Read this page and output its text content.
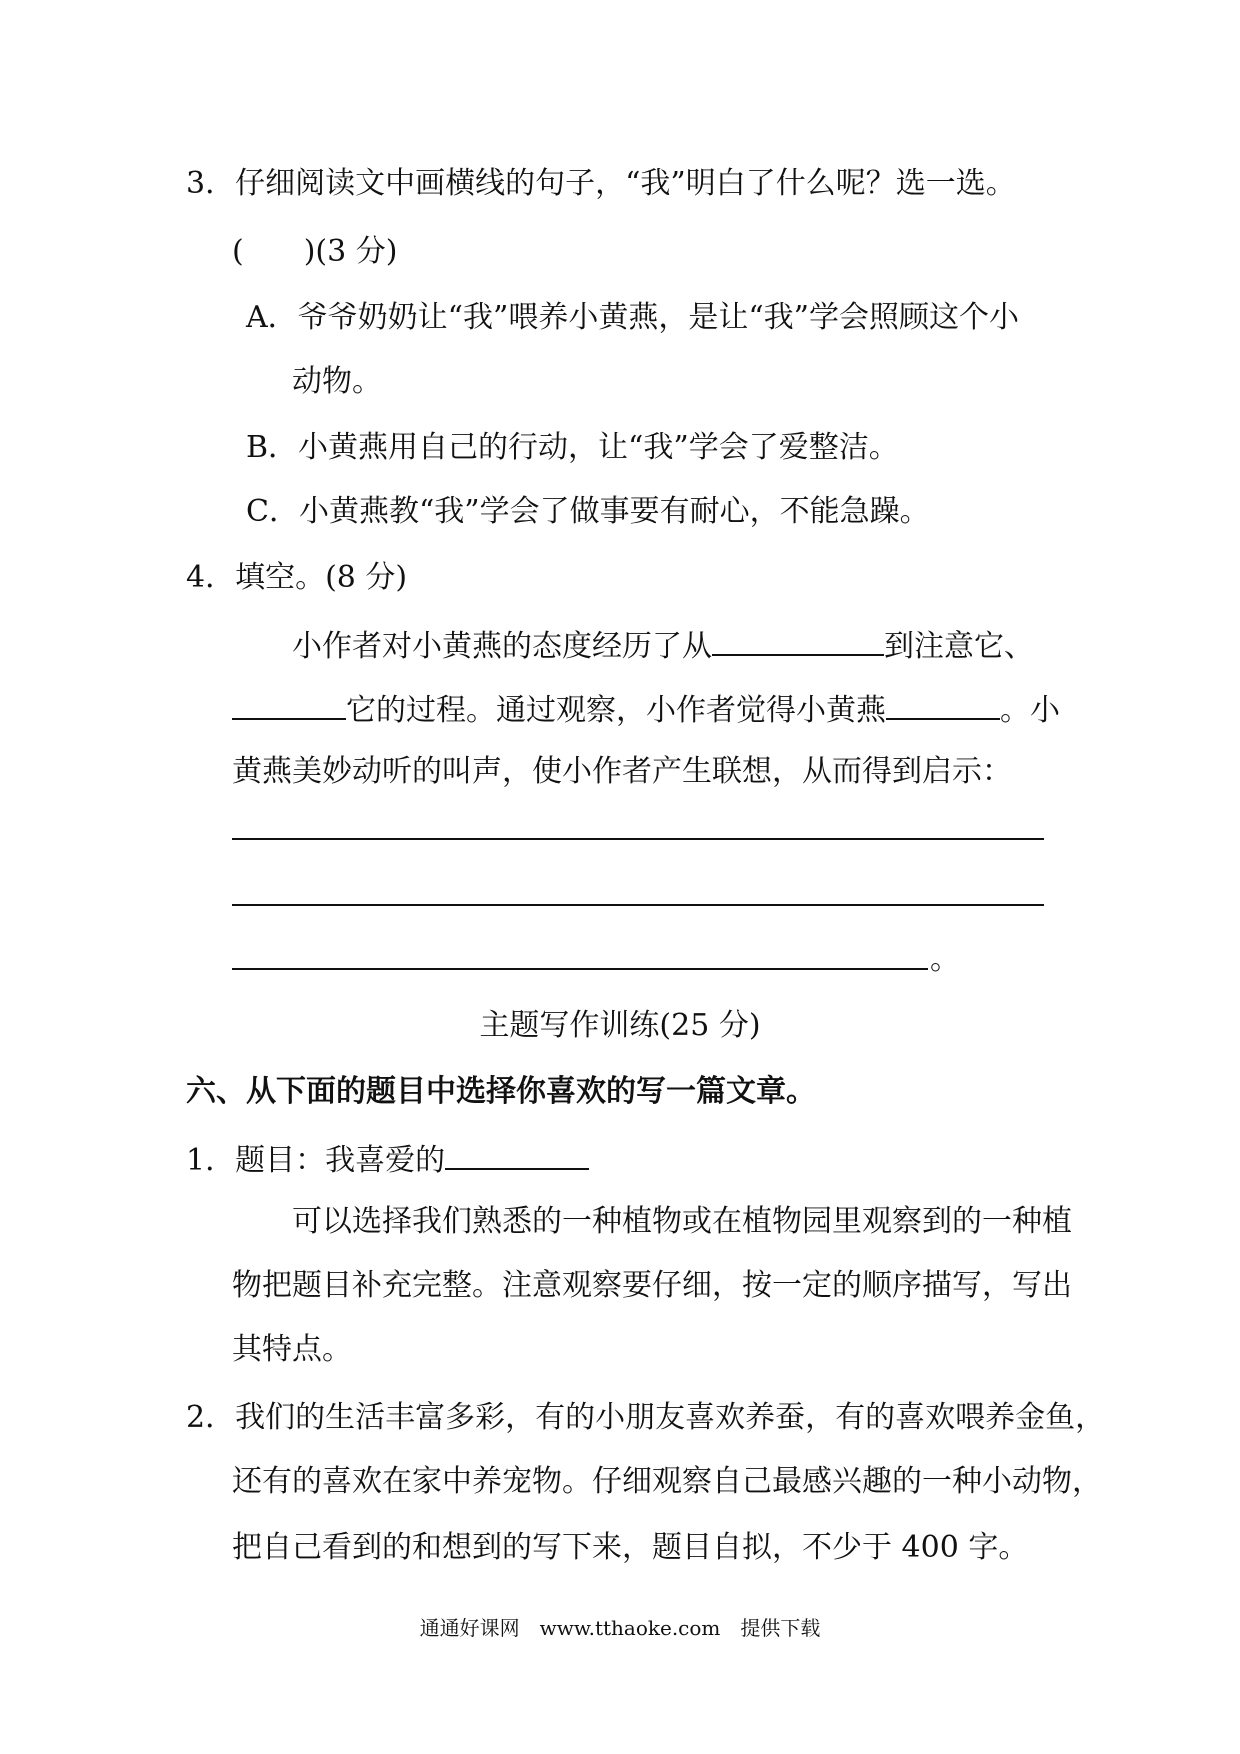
3．仔细阅读文中画横线的句子，“我”明白了什么呢？选一选。
(　　)(3 分)
A．爷爷奶奶让“我”喂养小黄燕，是让“我”学会照顾这个小
动物。
B．小黄燕用自己的行动，让“我”学会了爱整洁。
C．小黄燕教“我”学会了做事要有耐心，不能急躁。
4．填空。(8 分)
小作者对小黄燕的态度经历了从	到注意它、
它的过程。通过观察，小作者觉得小黄燕	。小
黄燕美妙动听的叫声，使小作者产生联想，从而得到启示：
。
主题写作训练(25 分)
六、从下面的题目中选择你喜欢的写一篇文章。
1．题目：我喜爱的
可以选择我们熟悉的一种植物或在植物园里观察到的一种植
物把题目补充完整。注意观察要仔细，按一定的顺序描写，写出
其特点。
2．我们的生活丰富多彩，有的小朋友喜欢养蚕，有的喜欢喂养金鱼，
还有的喜欢在家中养宠物。仔细观察自己最感兴趣的一种小动物，
把自己看到的和想到的写下来，题目自拟，不少于 400 字。
通通好课网　www.tthaoke.com　提供下载
